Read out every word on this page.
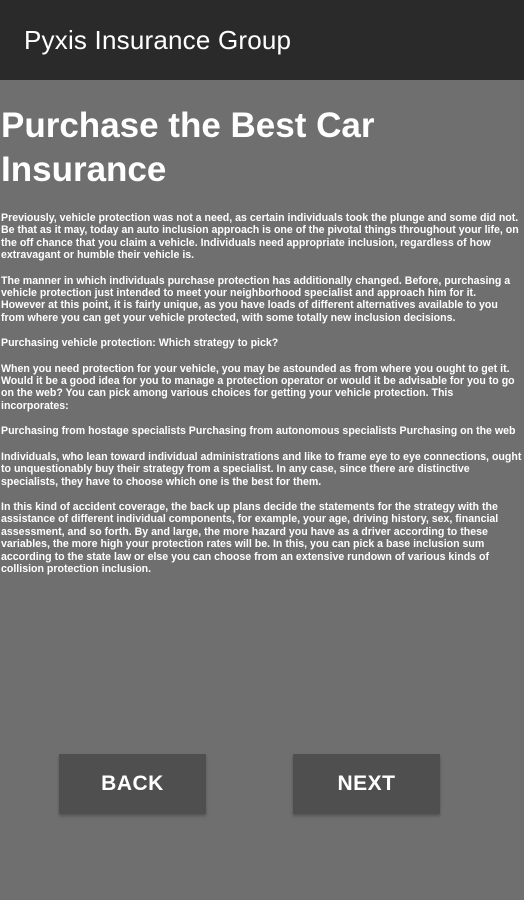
Pyxis Insurance Group
Purchase the Best Car Insurance

Previously, vehicle protection was not a need, as certain individuals took the plunge and some did not. Be that as it may, today an auto inclusion approach is one of the pivotal things throughout your life, on the off chance that you claim a vehicle. Individuals need appropriate inclusion, regardless of how extravagant or humble their vehicle is.

The manner in which individuals purchase protection has additionally changed. Before, purchasing a vehicle protection just intended to meet your neighborhood specialist and approach him for it. However at this point, it is fairly unique, as you have loads of different alternatives available to you from where you can get your vehicle protected, with some totally new inclusion decisions.

Purchasing vehicle protection: Which strategy to pick?

When you need protection for your vehicle, you may be astounded as from where you ought to get it. Would it be a good idea for you to manage a protection operator or would it be advisable for you to go on the web? You can pick among various choices for getting your vehicle protection. This incorporates:

Purchasing from hostage specialists Purchasing from autonomous specialists Purchasing on the web

Individuals, who lean toward individual administrations and like to frame eye to eye connections, ought to unquestionably buy their strategy from a specialist. In any case, since there are distinctive specialists, they have to choose which one is the best for them.

In this kind of accident coverage, the back up plans decide the statements for the strategy with the assistance of different individual components, for example, your age, driving history, sex, financial assessment, and so forth. By and large, the more hazard you have as a driver according to these variables, the more high your protection rates will be. In this, you can pick a base inclusion sum according to the state law or else you can choose from an extensive rundown of various kinds of collision protection inclusion.

BACK	NEXT
